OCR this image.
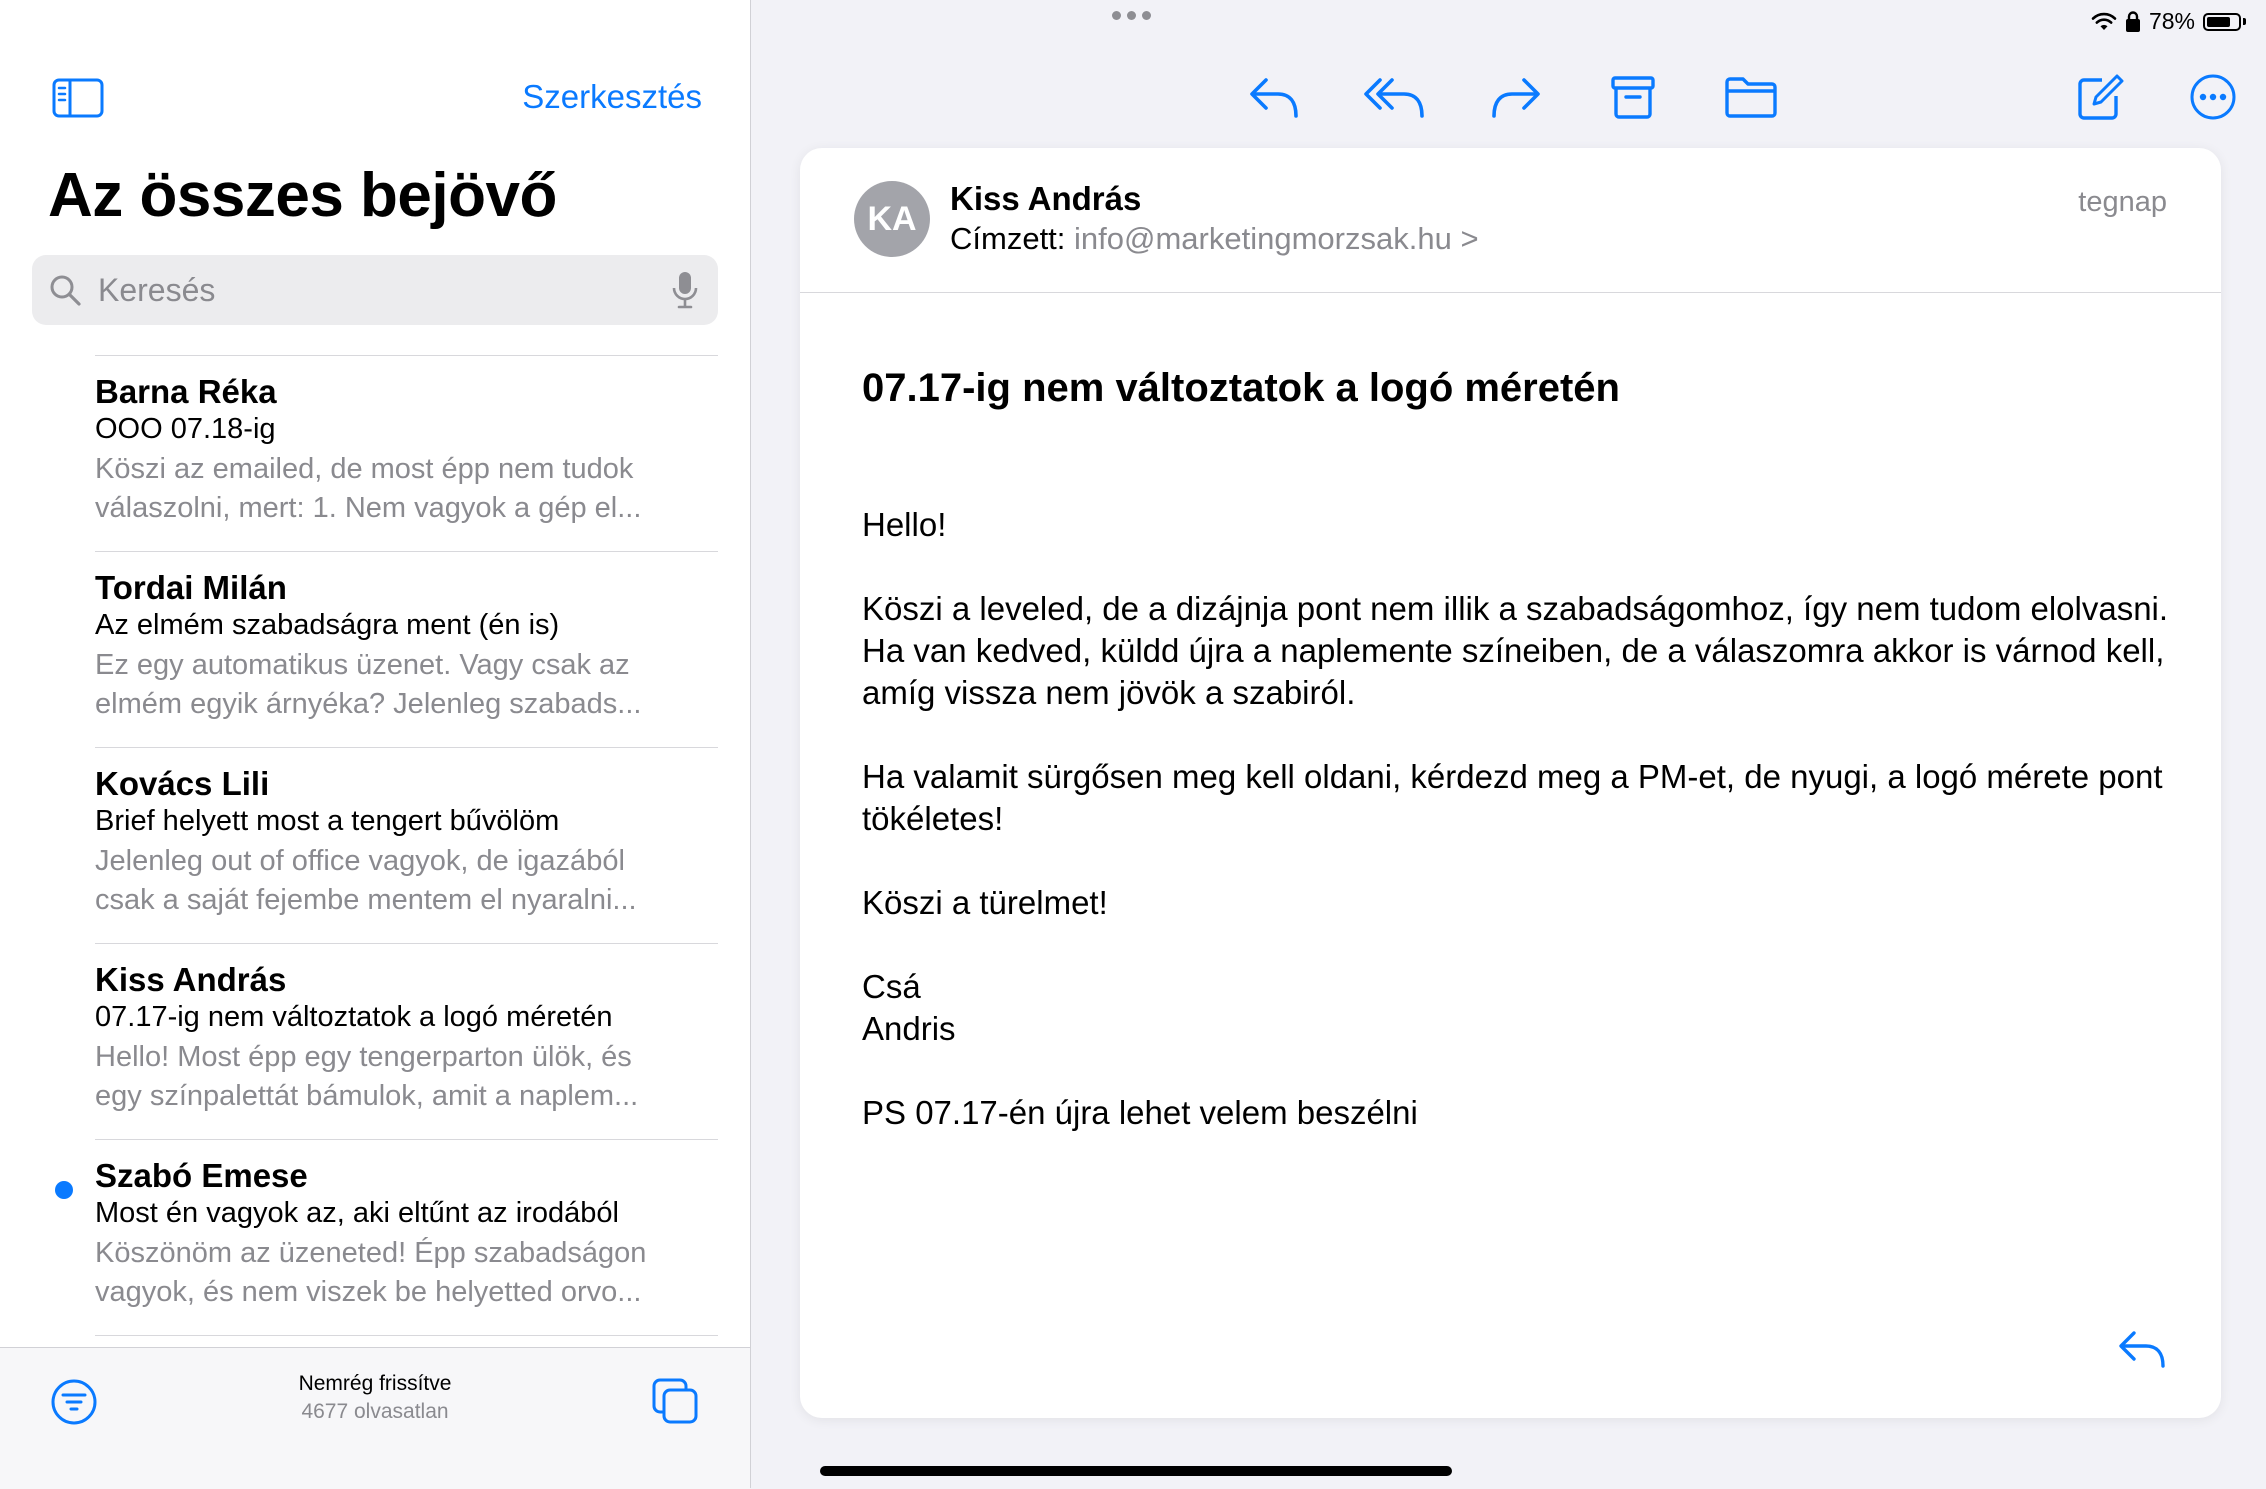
78%
Szerkesztés
Az összes bejövő
Keresés
Barna Réka
OOO 07.18-ig
Köszi az emailed, de most épp nem tudok
válaszolni, mert: 1. Nem vagyok a gép el...
Tordai Milán
Az elmém szabadságra ment (én is)
Ez egy automatikus üzenet. Vagy csak az
elmém egyik árnyéka? Jelenleg szabads...
Kovács Lili
Brief helyett most a tengert bűvölöm
Jelenleg out of office vagyok, de igazából
csak a saját fejembe mentem el nyaralni...
Kiss András
07.17-ig nem változtatok a logó méretén
Hello! Most épp egy tengerparton ülök, és
egy színpalettát bámulok, amit a naplem...
Szabó Emese
Most én vagyok az, aki eltűnt az irodából
Köszönöm az üzeneted! Épp szabadságon
vagyok, és nem viszek be helyetted orvo...
Nemrég frissítve
4677 olvasatlan
KA
Kiss András
Címzett: info@marketingmorzsak.hu >
tegnap
07.17-ig nem változtatok a logó méretén

Hello!

Köszi a leveled, de a dizájnja pont nem illik a szabadságomhoz, így nem tudom elolvasni. Ha van kedved, küldd újra a naplemente színeiben, de a válaszomra akkor is várnod kell, amíg vissza nem jövök a szabiról.

Ha valamit sürgősen meg kell oldani, kérdezd meg a PM-et, de nyugi, a logó mérete pont tökéletes!

Köszi a türelmet!

Csá

Andris

PS 07.17-én újra lehet velem beszélni
